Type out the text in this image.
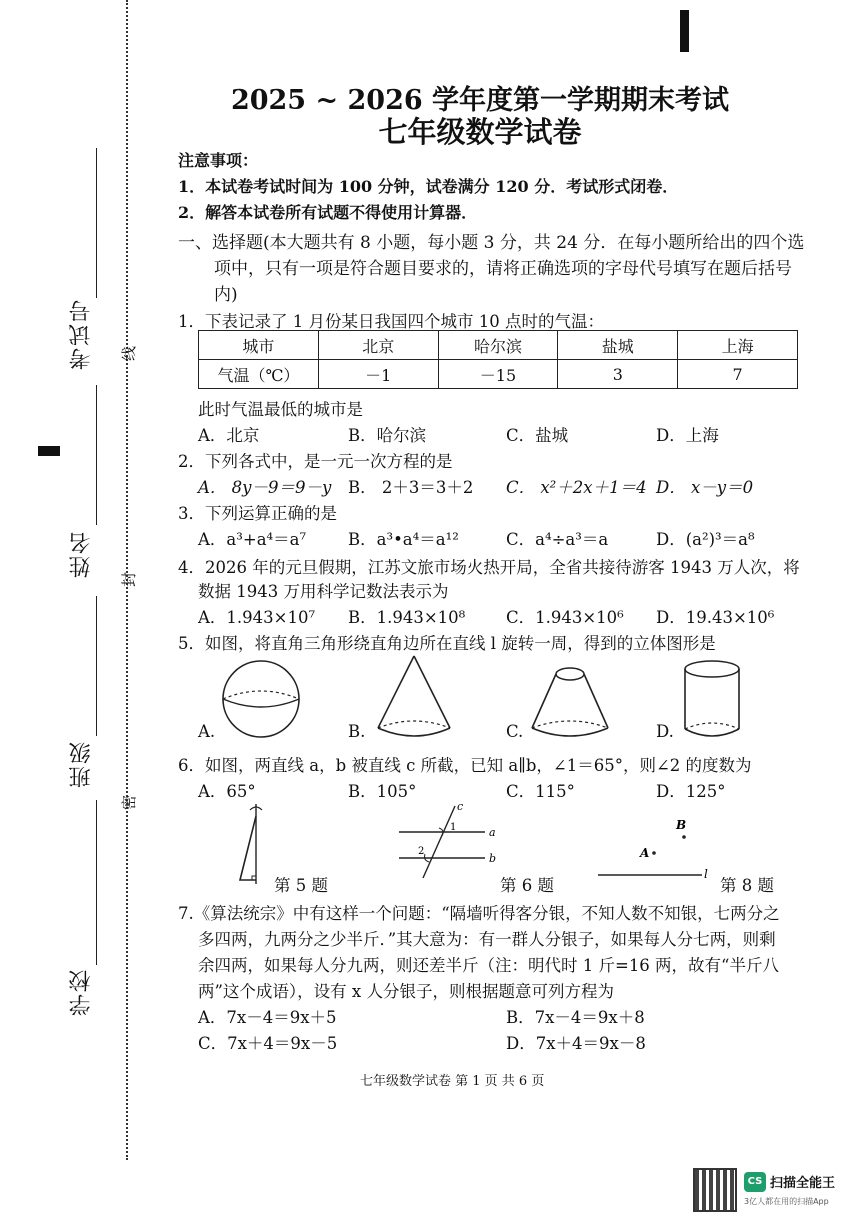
线
封
密
考试号
姓名
班级
学校
2025 ~ 2026 学年度第一学期期末考试
七年级数学试卷
注意事项：
1．本试卷考试时间为 100 分钟，试卷满分 120 分．考试形式闭卷．
2．解答本试卷所有试题不得使用计算器．
一、选择题(本大题共有 8 小题，每小题 3 分，共 24 分．在每小题所给出的四个选
项中，只有一项是符合题目要求的，请将正确选项的字母代号填写在题后括号
内)
1．下表记录了 1 月份某日我国四个城市 10 点时的气温：
城市	北京	哈尔滨	盐城	上海
气温（℃）	－1	－15	3	7
此时气温最低的城市是
A．北京	B．哈尔滨	C．盐城	D．上海
2．下列各式中，是一元一次方程的是
A． 8y－9＝9－y B． 2＋3＝3＋2 C． x²＋2x＋1＝4 D． x－y＝0
3．下列运算正确的是
A．a³+a⁴＝a⁷	B．a³•a⁴＝a¹²	C．a⁴÷a³＝a	D．(a²)³＝a⁸
4．2026 年的元旦假期，江苏文旅市场火热开局，全省共接待游客 1943 万人次，将
数据 1943 万用科学记数法表示为
A．1.943×10⁷ B．1.943×10⁸ C．1.943×10⁶ D．19.43×10⁶
5．如图，将直角三角形绕直角边所在直线 l 旋转一周，得到的立体图形是
A.	B.	C.	D.
6．如图，两直线 a，b 被直线 c 所截，已知 a∥b，∠1＝65°，则∠2 的度数为
A．65°	B．105°	C．115°	D．125°
第 5 题
c
a
b
1
2
第 6 题
A
B
l
第 8 题
7.《算法统宗》中有这样一个问题：“隔墙听得客分银，不知人数不知银，七两分之
多四两，九两分之少半斤．”其大意为：有一群人分银子，如果每人分七两，则剩
余四两，如果每人分九两，则还差半斤（注：明代时 1 斤=16 两，故有“半斤八
两”这个成语），设有 x 人分银子，则根据题意可列方程为
A．7x－4＝9x＋5	B．7x－4＝9x＋8
C．7x＋4＝9x－5	D．7x＋4＝9x－8
七年级数学试卷 第 1 页 共 6 页
CS 扫描全能王
3亿人都在用的扫描App
